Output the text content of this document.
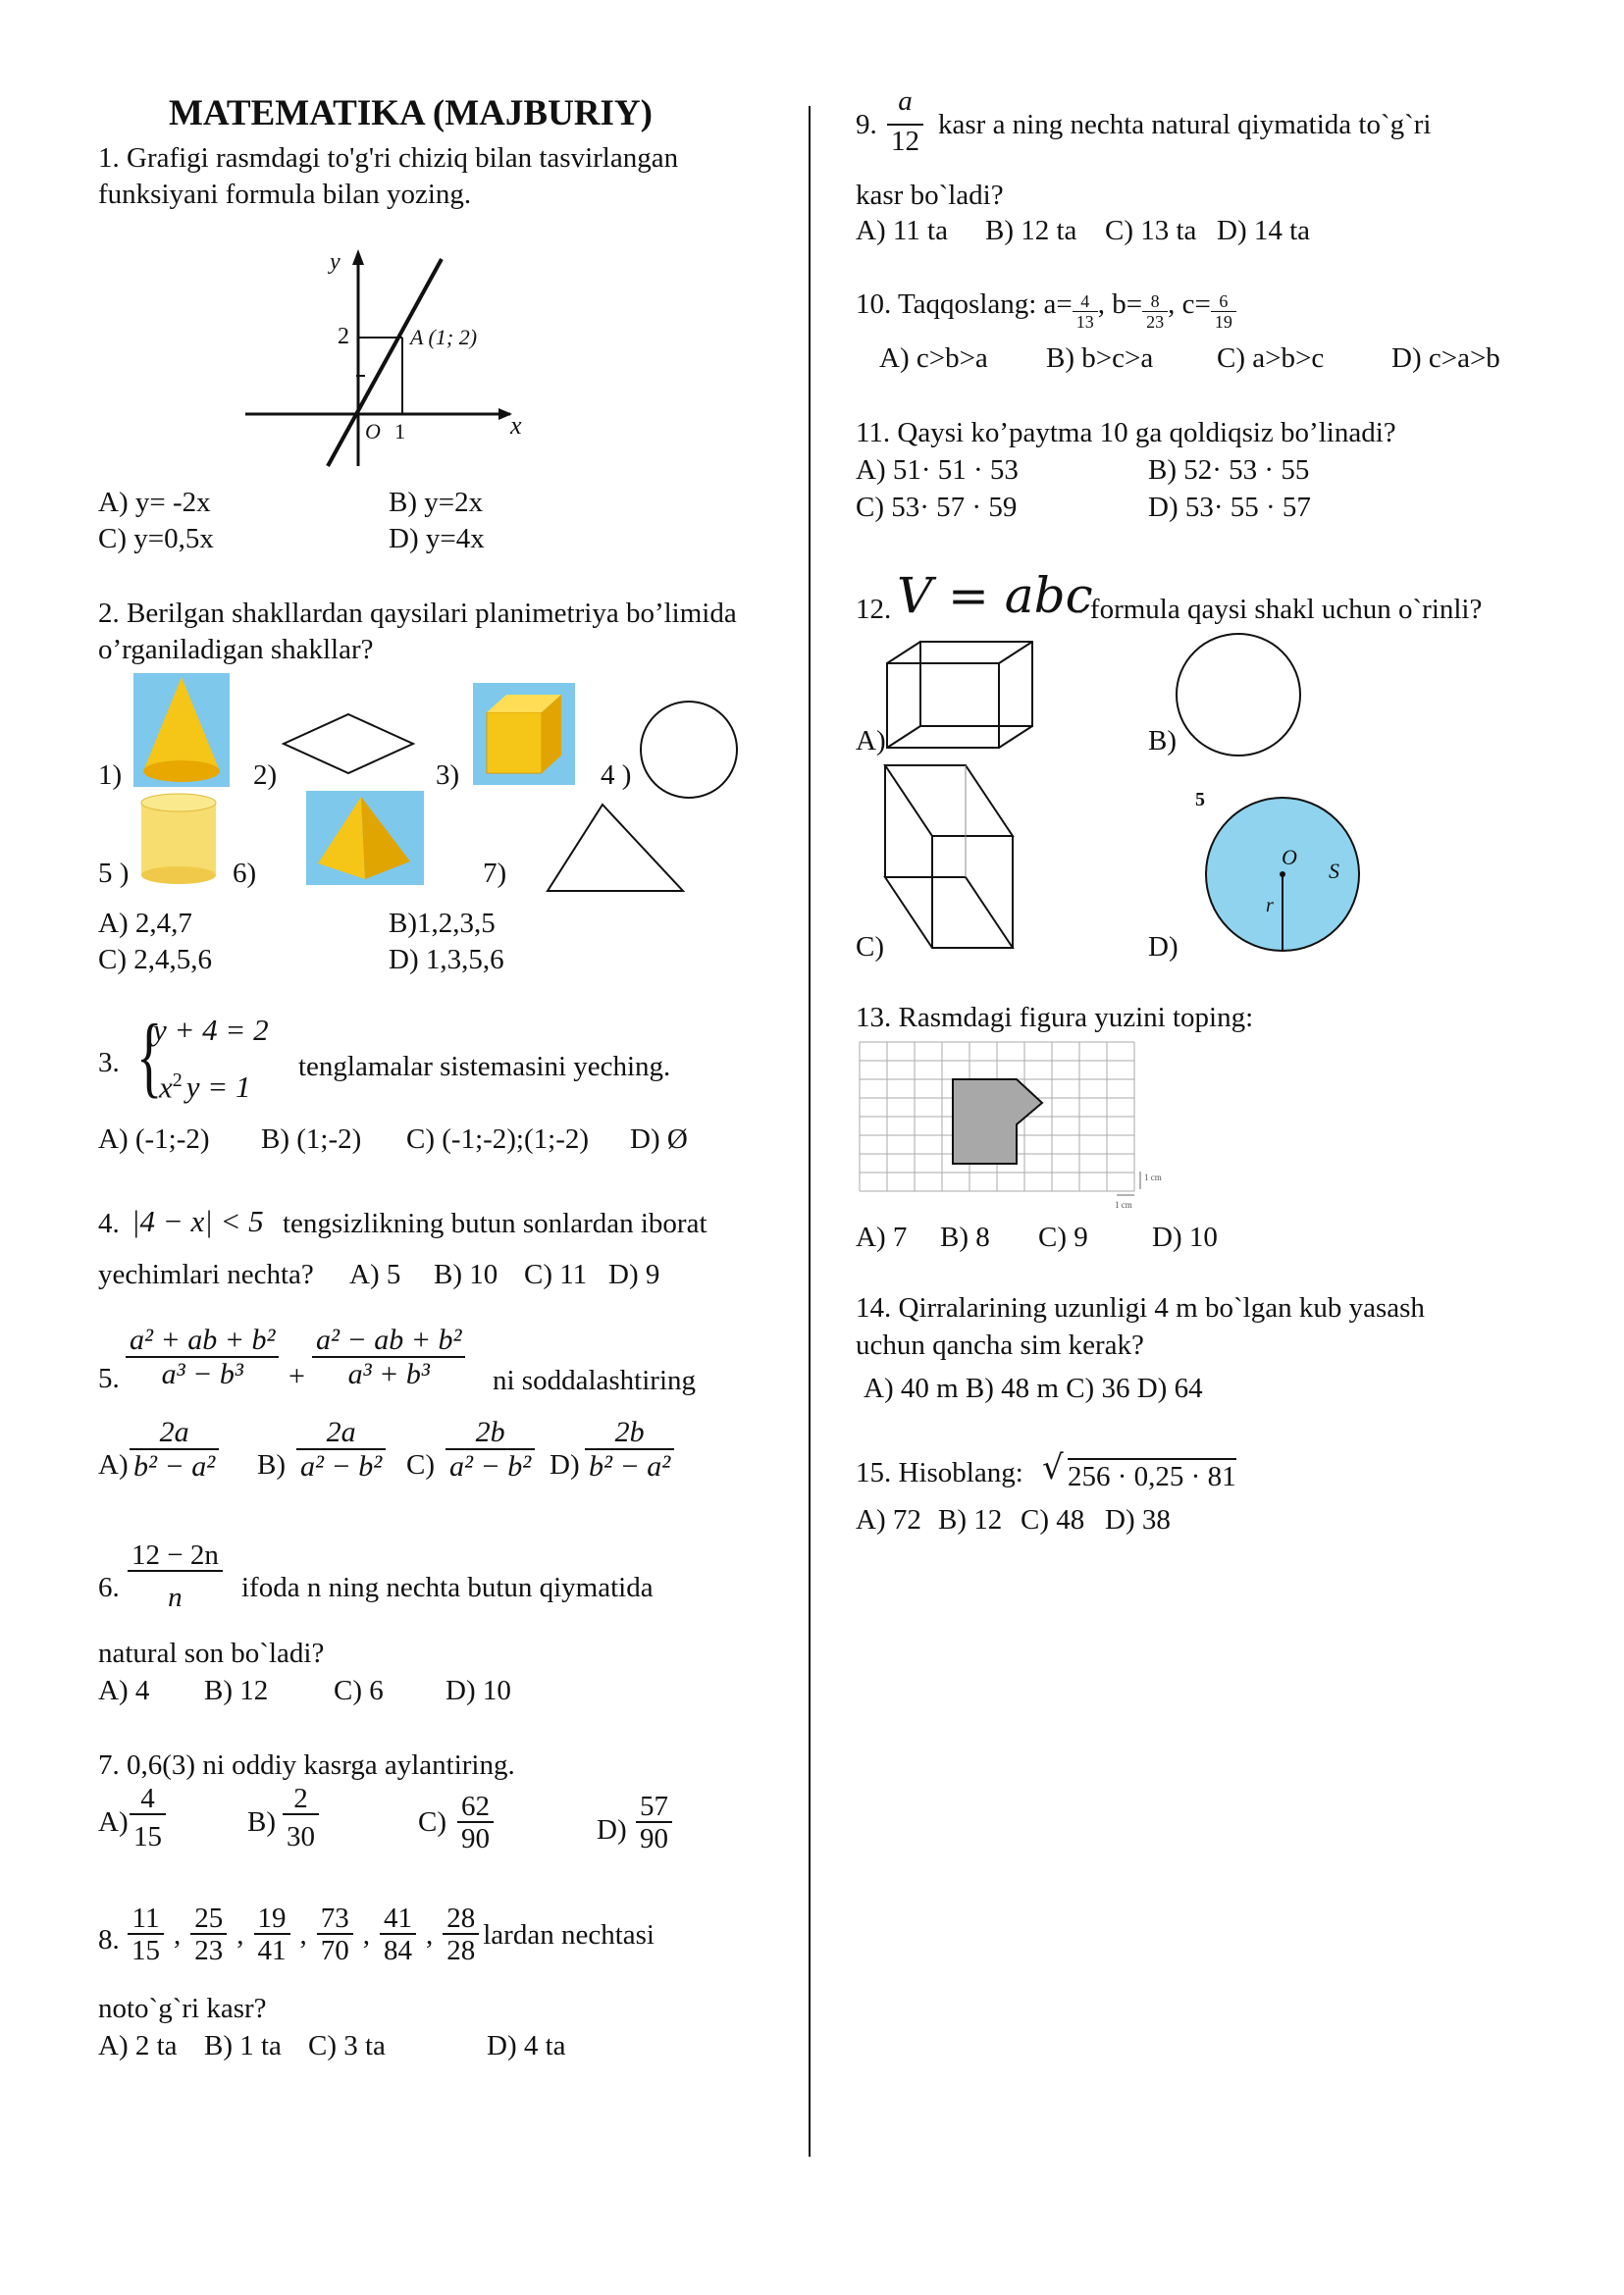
MATEMATIKA (MAJBURIY)
1. Grafigi rasmdagi to'g'ri chiziq bilan tasvirlangan
funksiyani formula bilan yozing.
y
x
2	A (1; 2)
O 1
A) y= -2x	B) y=2x
C) y=0,5x	D) y=4x
2. Berilgan shakllardan qaysilari planimetriya bo’limida
o’rganiladigan shakllar?
1)	2)	3)	4 )
5 )	6)	7)
A) 2,4,7	B)1,2,3,5
C) 2,4,5,6	D) 1,3,5,6
3. {
y + 4 = 2
$x^2$ y = 1
tenglamalar sistemasini yeching.
A) (-1;-2) B) (1;-2) C) (-1;-2);(1;-2) D) Ø
4. |4 − x| < 5 tengsizlikning butun sonlardan iborat
yechimlari nechta? A) 5 B) 10 C) 11 D) 9
5. $\frac{\text{a² + ab + b²}}{\text{a³ − b³}} + \frac{\text{a² − ab + b²}}{\text{a³ + b³}}$ ni soddalashtiring
$A) \frac{2a}{\text{b² − a²}} B) \frac{2a}{\text{a² − b²}} C) \frac{2b}{\text{a² − b²}} D) \frac{2b}{\text{b² − a²}}$
6. $\frac{12 - 2n}{n}$ ifoda n ning nechta butun qiymatida
natural son bo`ladi?
A) 4 B) 12 C) 6 D) 10
7. 0,6(3) ni oddiy kasrga aylantiring.
$A) \frac{4}{15}$	$B) \frac{2}{30}$	$C) \frac{62}{90}$	$D) \frac{57}{90}$
8. $\frac{11}{15}$ , $\frac{25}{23}$ , $\frac{19}{41}$ , $\frac{73}{70}$ , $\frac{41}{84}$ , $\frac{28}{28}$ lardan nechtasi
noto`g`ri kasr?
A) 2 ta B) 1 ta C) 3 ta	D) 4 ta
9. $\frac{a}{12}$ kasr a ning nechta natural qiymatida to`g`ri
kasr bo`ladi?
A) 11 ta B) 12 ta C) 13 ta D) 14 ta
10. Taqqoslang: $a= \frac{4}{13}$ , $b= \frac{8}{23}$ , $c= \frac{6}{19}$
A) c>b>a B) b>c>a C) a>b>c D) c>a>b
11. Qaysi ko’paytma 10 ga qoldiqsiz bo’linadi?
A) 51· 51 · 53	B) 52· 53 · 55
C) 53· 57 · 59	D) 53· 55 · 57
12. V = abc
- formula qaysi shakl uchun o`rinli?
A)	B)
C)	D)
5
O
S
r
13. Rasmdagi figura yuzini toping:
1 cm
1 cm
A) 7 B) 8 C) 9 D) 10
14. Qirralarining uzunligi 4 m bo`lgan kub yasash
uchun qancha sim kerak?
A) 40 m B) 48 m C) 36 D) 64
15. Hisoblang: √ 256 · 0,25 · 81
A) 72 B) 12 C) 48 D) 38
